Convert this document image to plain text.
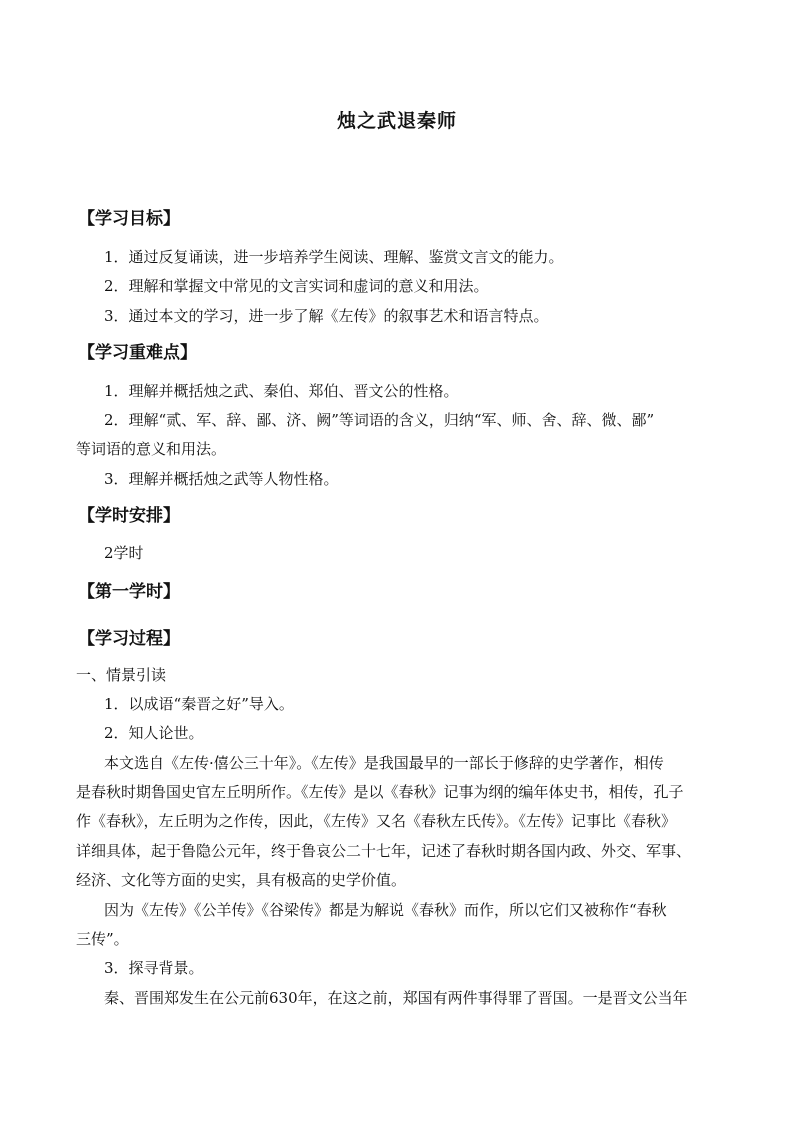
烛之武退秦师
【学习目标】
1．通过反复诵读，进一步培养学生阅读、理解、鉴赏文言文的能力。
2．理解和掌握文中常见的文言实词和虚词的意义和用法。
3．通过本文的学习，进一步了解《左传》的叙事艺术和语言特点。
【学习重难点】
1．理解并概括烛之武、秦伯、郑伯、晋文公的性格。
2．理解“贰、军、辞、鄙、济、阙”等词语的含义，归纳“军、师、舍、辞、微、鄙”
等词语的意义和用法。
3．理解并概括烛之武等人物性格。
【学时安排】
2学时
【第一学时】
【学习过程】
一、情景引读
1．以成语“秦晋之好”导入。
2．知人论世。
本文选自《左传·僖公三十年》。《左传》是我国最早的一部长于修辞的史学著作，相传
是春秋时期鲁国史官左丘明所作。《左传》是以《春秋》记事为纲的编年体史书，相传，孔子
作《春秋》，左丘明为之作传，因此，《左传》又名《春秋左氏传》。《左传》记事比《春秋》
详细具体，起于鲁隐公元年，终于鲁哀公二十七年，记述了春秋时期各国内政、外交、军事、
经济、文化等方面的史实，具有极高的史学价值。
因为《左传》《公羊传》《谷梁传》都是为解说《春秋》而作，所以它们又被称作“春秋
三传”。
3．探寻背景。
秦、晋围郑发生在公元前630年，在这之前，郑国有两件事得罪了晋国。一是晋文公当年
